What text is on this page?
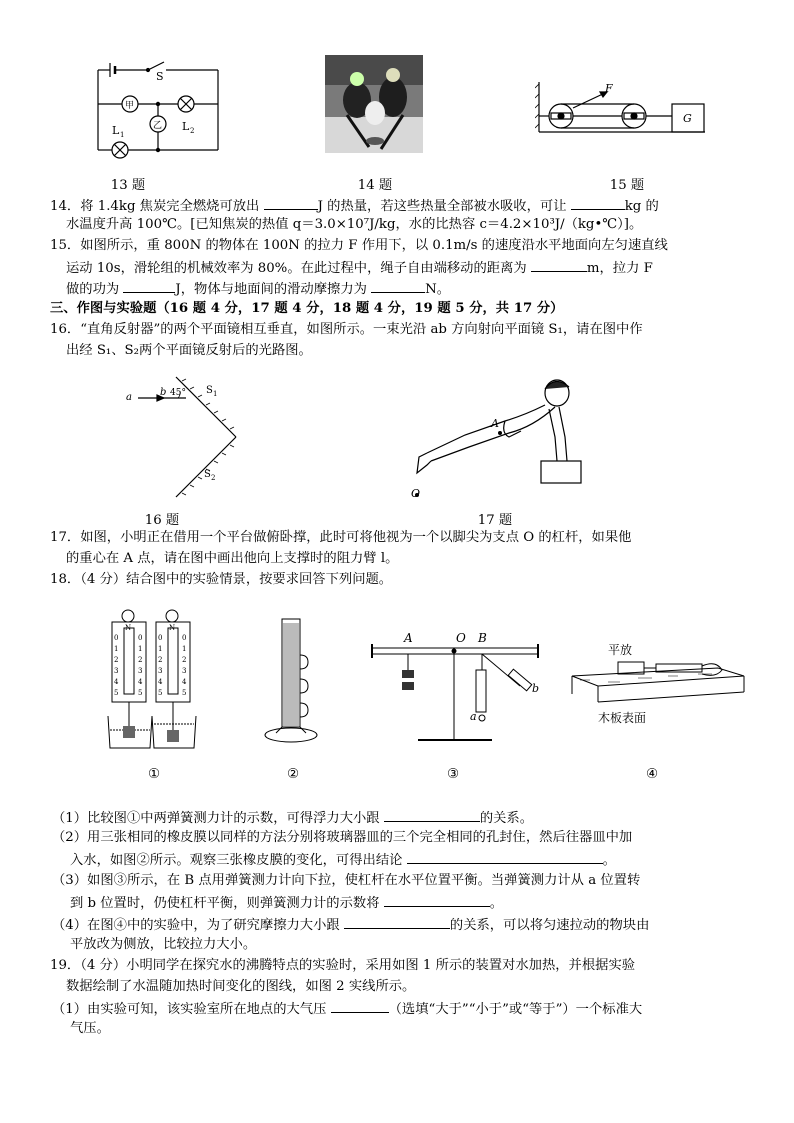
S
甲
乙
L 1
L 2
13 题	14 题
F
G
15 题
14．将 1.4kg 焦炭完全燃烧可放出	J 的热量，若这些热量全部被水吸收，可让	kg 的
水温度升高 100℃。[已知焦炭的热值 q＝3.0×10⁷J/kg，水的比热容 c＝4.2×10³J/（kg•℃）]。
15．如图所示，重 800N 的物体在 100N 的拉力 F 作用下，以 0.1m/s 的速度沿水平地面向左匀速直线
运动 10s，滑轮组的机械效率为 80%。在此过程中，绳子自由端移动的距离为	m，拉力 F
做的功为	J，物体与地面间的滑动摩擦力为	N。
三、作图与实验题（16 题 4 分，17 题 4 分，18 题 4 分，19 题 5 分，共 17 分）
16．“直角反射器”的两个平面镜相互垂直，如图所示。一束光沿 ab 方向射向平面镜 S₁，请在图中作
出经 S₁、S₂两个平面镜反射后的光路图。
a	b 45° S 1
S 2
16 题
A
O
17 题
17．如图，小明正在借用一个平台做俯卧撑，此时可将他视为一个以脚尖为支点 O 的杠杆，如果他
的重心在 A 点，请在图中画出他向上支撑时的阻力臂 l。
18．（4 分）结合图中的实验情景，按要求回答下列问题。
N	N
0
1
2
3
4
5
0
1
2
3
4
5
0
1
2
3
4
5
0
1
2
3
4
5
A	O B
a
b
平放
木板表面
①	②	③	④
（1）比较图①中两弹簧测力计的示数，可得浮力大小跟	的关系。
（2）用三张相同的橡皮膜以同样的方法分别将玻璃器皿的三个完全相同的孔封住，然后往器皿中加
入水，如图②所示。观察三张橡皮膜的变化，可得出结论	。
（3）如图③所示，在 B 点用弹簧测力计向下拉，使杠杆在水平位置平衡。当弹簧测力计从 a 位置转
到 b 位置时，仍使杠杆平衡，则弹簧测力计的示数将	。
（4）在图④中的实验中，为了研究摩擦力大小跟	的关系，可以将匀速拉动的物块由
平放改为侧放，比较拉力大小。
19．（4 分）小明同学在探究水的沸腾特点的实验时，采用如图 1 所示的装置对水加热，并根据实验
数据绘制了水温随加热时间变化的图线，如图 2 实线所示。
（1）由实验可知，该实验室所在地点的大气压	（选填“大于”“小于”或“等于”）一个标准大
气压。
